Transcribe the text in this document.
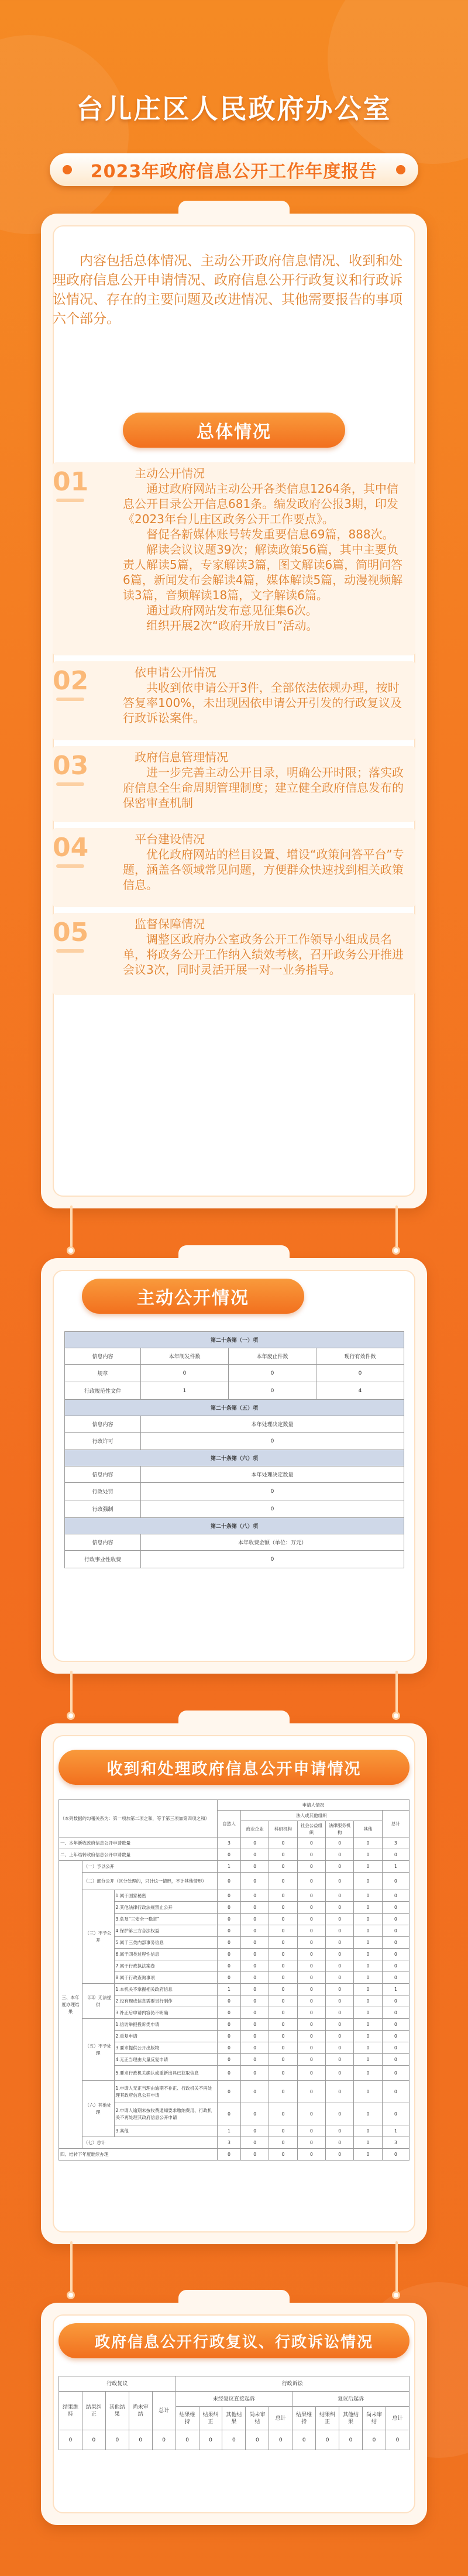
台儿庄区人民政府办公室
2023年政府信息公开工作年度报告
内容包括总体情况、主动公开政府信息情况、收到和处理政府信息公开申请情况、政府信息公开行政复议和行政诉讼情况、存在的主要问题及改进情况、其他需要报告的事项六个部分。
总体情况
01	主动公开情况

通过政府网站主动公开各类信息1264条，其中信息公开目录公开信息681条。编发政府公报3期，印发《2023年台儿庄区政务公开工作要点》。

督促各新媒体账号转发重要信息69篇，888次。

解读会议议题39次；解读政策56篇，其中主要负责人解读5篇，专家解读3篇，图文解读6篇，简明问答6篇，新闻发布会解读4篇，媒体解读5篇，动漫视频解读3篇，音频解读18篇，文字解读6篇。

通过政府网站发布意见征集6次。

组织开展2次“政府开放日”活动。

02	依申请公开情况

共收到依申请公开3件，全部依法依规办理，按时答复率100%，未出现因依申请公开引发的行政复议及行政诉讼案件。

03	政府信息管理情况

进一步完善主动公开目录，明确公开时限；落实政府信息全生命周期管理制度；建立健全政府信息发布的保密审查机制

04	平台建设情况

优化政府网站的栏目设置、增设“政策问答平台”专题，涵盖各领域常见问题，方便群众快速找到相关政策信息。

05	监督保障情况

调整区政府办公室政务公开工作领导小组成员名单，将政务公开工作纳入绩效考核，召开政务公开推进会议3次，同时灵活开展一对一业务指导。

主动公开情况
第二十条第（一）项			
信息内容	本年制发件数	本年废止件数	现行有效件数
规章	0	0	0
行政规范性文件	1	0	4
第二十条第（五）项			
信息内容	本年处理决定数量		
行政许可	0		
第二十条第（六）项			
信息内容	本年处理决定数量		
行政处罚	0		
行政强制	0		
第二十条第（八）项			
信息内容	本年收费金额（单位：万元）		
行政事业性收费	0		
收到和处理政府信息公开申请情况
（本列数据的勾稽关系为：第一项加第二项之和，等于第三项加第四项之和）			申请人情况						
			自然人	法人或其他组织					总计
				商业企业	科研机构	社会公益组织	法律服务机构	其他	
一、本年新收政府信息公开申请数量			3	0	0	0	0	0	3
二、上年结转政府信息公开申请数量			0	0	0	0	0	0	0
三、本年度办理结果	（一）予以公开		1	0	0	0	0	0	1
	（二）部分公开（区分处理的，只计这一情形，不计其他情形）		0	0	0	0	0	0	0
	（三）不予公开	1.属于国家秘密	0	0	0	0	0	0	0
		2.其他法律行政法规禁止公开	0	0	0	0	0	0	0
		3.危及“三安全一稳定”	0	0	0	0	0	0	0
		4.保护第三方合法权益	0	0	0	0	0	0	0
		5.属于三类内部事务信息	0	0	0	0	0	0	0
		6.属于四类过程性信息	0	0	0	0	0	0	0
		7.属于行政执法案卷	0	0	0	0	0	0	0
		8.属于行政查询事项	0	0	0	0	0	0	0
	（四）无法提供	1.本机关不掌握相关政府信息	1	0	0	0	0	0	1
		2.没有现成信息需要另行制作	0	0	0	0	0	0	0
		3.补正后申请内容仍不明确	0	0	0	0	0	0	0
	（五）不予处理	1.信访举报投诉类申请	0	0	0	0	0	0	0
		2.重复申请	0	0	0	0	0	0	0
		3.要求提供公开出版物	0	0	0	0	0	0	0
		4.无正当理由大量反复申请	0	0	0	0	0	0	0
		5.要求行政机关确认或重新出具已获取信息	0	0	0	0	0	0	0
	（六）其他处理	1.申请人无正当理由逾期不补正、行政机关不再处理其政府信息公开申请	0	0	0	0	0	0	0
		2.申请人逾期未按收费通知要求缴纳费用、行政机关不再处理其政府信息公开申请	0	0	0	0	0	0	0
		3.其他	1	0	0	0	0	0	1
	（七）总计		3	0	0	0	0	0	3
四、结转下年度继续办理			0	0	0	0	0	0	0
政府信息公开行政复议、行政诉讼情况
行政复议					行政诉讼									
结果维持	结果纠正	其他结果	尚未审结	总计	未经复议直接起诉					复议后起诉				
					结果维持	结果纠正	其他结果	尚未审结	总计	结果维持	结果纠正	其他结果	尚未审结	总计
0	0	0	0	0	0	0	0	0	0	0	0	0	0	0
